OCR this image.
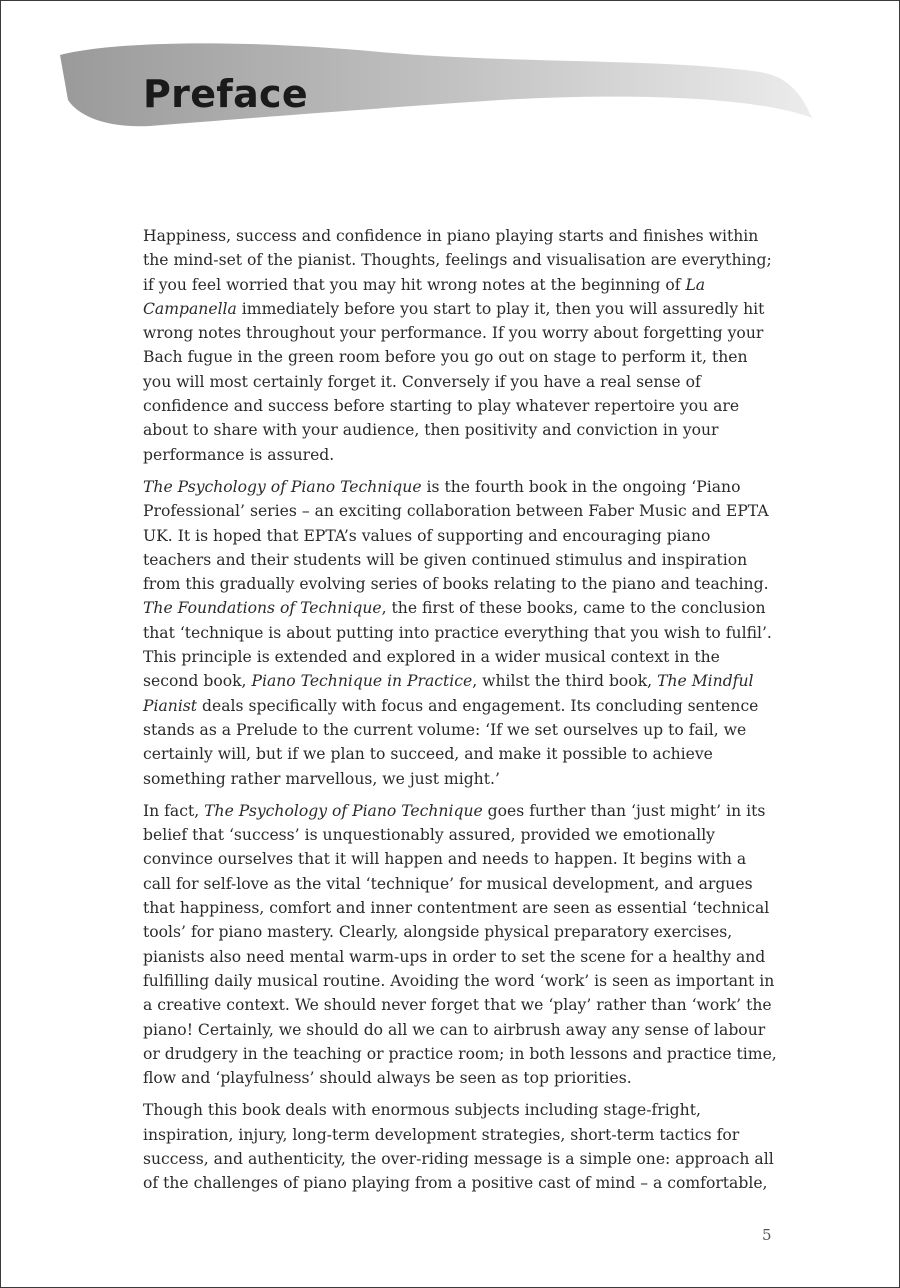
Preface

Happiness, success and confidence in piano playing starts and finishes within the mind-set of the pianist. Thoughts, feelings and visualisation are everything; if you feel worried that you may hit wrong notes at the beginning of La Campanella immediately before you start to play it, then you will assuredly hit wrong notes throughout your performance. If you worry about forgetting your Bach fugue in the green room before you go out on stage to perform it, then you will most certainly forget it. Conversely if you have a real sense of confidence and success before starting to play whatever repertoire you are about to share with your audience, then positivity and conviction in your performance is assured.

The Psychology of Piano Technique is the fourth book in the ongoing ‘Piano Professional’ series – an exciting collaboration between Faber Music and EPTA UK. It is hoped that EPTA’s values of supporting and encouraging piano teachers and their students will be given continued stimulus and inspiration from this gradually evolving series of books relating to the piano and teaching. The Foundations of Technique, the first of these books, came to the conclusion that ‘technique is about putting into practice everything that you wish to fulfil’. This principle is extended and explored in a wider musical context in the second book, Piano Technique in Practice, whilst the third book, The Mindful Pianist deals specifically with focus and engagement. Its concluding sentence stands as a Prelude to the current volume: ‘If we set ourselves up to fail, we certainly will, but if we plan to succeed, and make it possible to achieve something rather marvellous, we just might.’

In fact, The Psychology of Piano Technique goes further than ‘just might’ in its belief that ‘success’ is unquestionably assured, provided we emotionally convince ourselves that it will happen and needs to happen. It begins with a call for self-love as the vital ‘technique’ for musical development, and argues that happiness, comfort and inner contentment are seen as essential ‘technical tools’ for piano mastery. Clearly, alongside physical preparatory exercises, pianists also need mental warm-ups in order to set the scene for a healthy and fulfilling daily musical routine. Avoiding the word ‘work’ is seen as important in a creative context. We should never forget that we ‘play’ rather than ‘work’ the piano! Certainly, we should do all we can to airbrush away any sense of labour or drudgery in the teaching or practice room; in both lessons and practice time, flow and ‘playfulness’ should always be seen as top priorities.

Though this book deals with enormous subjects including stage-fright, inspiration, injury, long-term development strategies, short-term tactics for success, and authenticity, the over-riding message is a simple one: approach all of the challenges of piano playing from a positive cast of mind – a comfortable,

5
